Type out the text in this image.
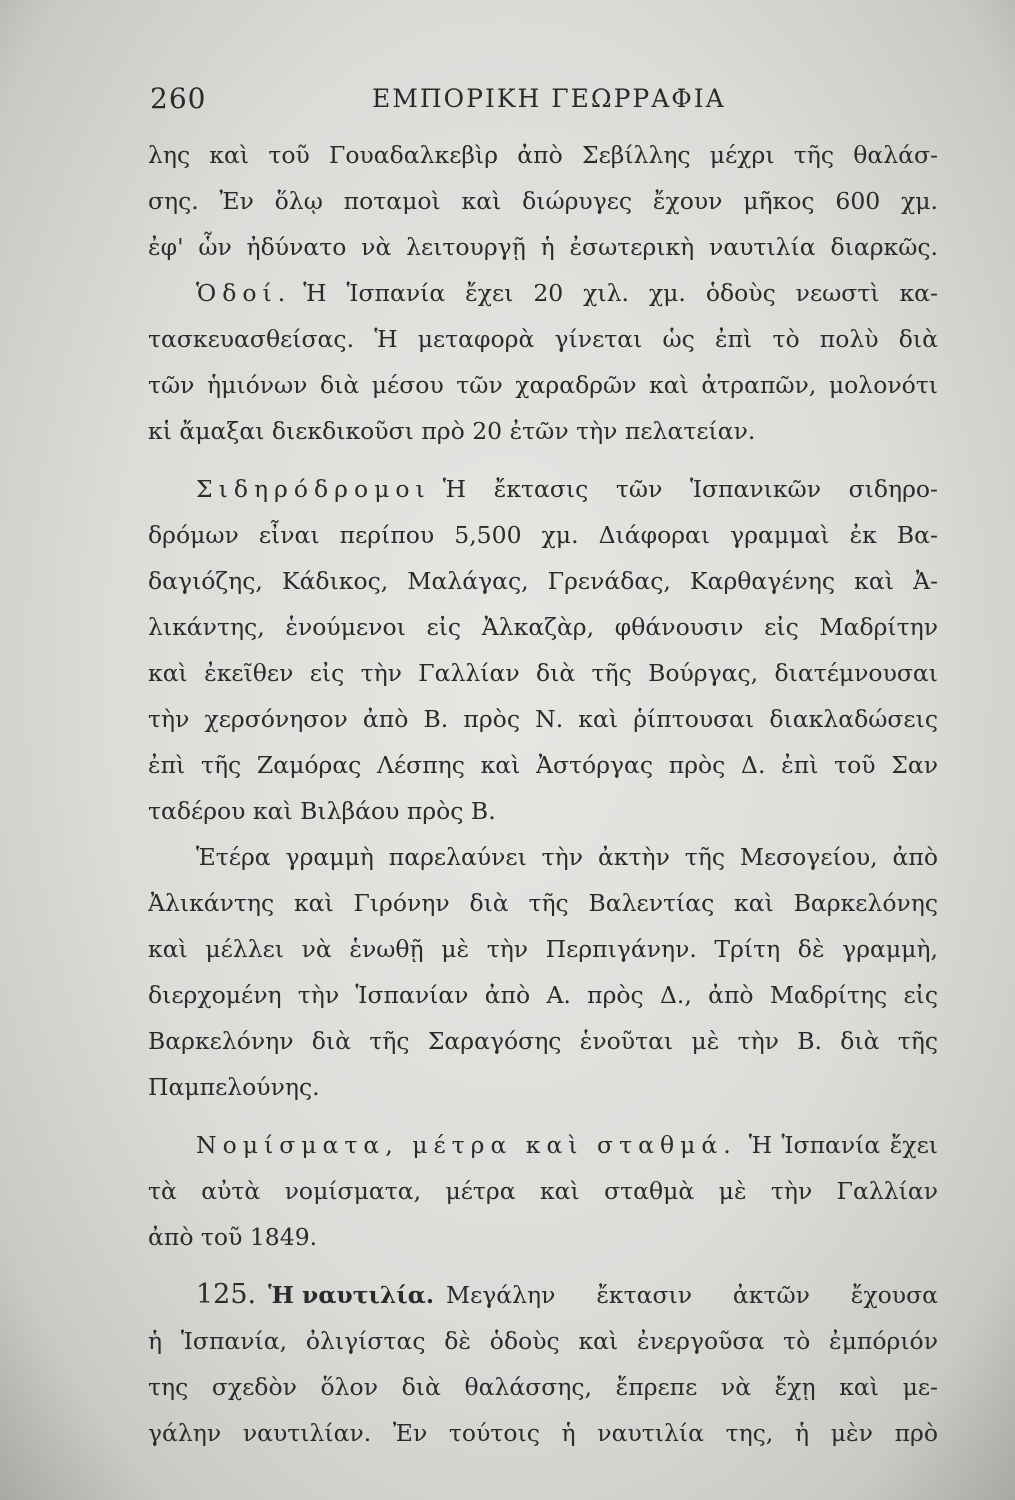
260	ΕΜΠΟΡΙΚΗ ΓΕΩΡΡΑΦΙΑ
λης καὶ τοῦ Γουαδαλκεβὶρ ἀπὸ Σεβίλλης μέχρι τῆς θαλάσ-
σης. Ἐν ὅλῳ ποταμοὶ καὶ διώρυγες ἔχουν μῆκος 600 χμ.
ἐφ' ὧν ἠδύνατο νὰ λειτουργῇ ἡ ἐσωτερικὴ ναυτιλία διαρκῶς.
Ὁδοί. Ἡ Ἱσπανία ἔχει 20 χιλ. χμ. ὁδοὺς νεωστὶ κα-
τασκευασθείσας. Ἡ μεταφορὰ γίνεται ὡς ἐπὶ τὸ πολὺ διὰ
τῶν ἡμιόνων διὰ μέσου τῶν χαραδρῶν καὶ ἀτραπῶν, μολονότι
κἱ ἄμαξαι διεκδικοῦσι πρὸ 20 ἐτῶν τὴν πελατείαν.
Σιδηρόδρομοι Ἡ ἔκτασις τῶν Ἱσπανικῶν σιδηρο-
δρόμων εἶναι περίπου 5,500 χμ. Διάφοραι γραμμαὶ ἐκ Βα-
δαγιόζης, Κάδικος, Μαλάγας, Γρενάδας, Καρθαγένης καὶ Ἀ-
λικάντης, ἑνούμενοι εἰς Ἀλκαζὰρ, φθάνουσιν εἰς Μαδρίτην
καὶ ἐκεῖθεν εἰς τὴν Γαλλίαν διὰ τῆς Βούργας, διατέμνουσαι
τὴν χερσόνησον ἀπὸ Β. πρὸς Ν. καὶ ῥίπτουσαι διακλαδώσεις
ἐπὶ τῆς Ζαμόρας Λέσπης καὶ Ἀστόργας πρὸς Δ. ἐπὶ τοῦ Σαν
ταδέρου καὶ Βιλβάου πρὸς Β.
Ἑτέρα γραμμὴ παρελαύνει τὴν ἀκτὴν τῆς Μεσογείου, ἀπὸ
Ἀλικάντης καὶ Γιρόνην διὰ τῆς Βαλεντίας καὶ Βαρκελόνης
καὶ μέλλει νὰ ἑνωθῇ μὲ τὴν Περπιγάνην. Τρίτη δὲ γραμμὴ,
διερχομένη τὴν Ἱσπανίαν ἀπὸ Α. πρὸς Δ., ἀπὸ Μαδρίτης εἰς
Βαρκελόνην διὰ τῆς Σαραγόσης ἑνοῦται μὲ τὴν Β. διὰ τῆς
Παμπελούνης.
Νομίσματα, μέτρα καὶ σταθμά. Ἡ Ἱσπανία ἔχει
τὰ αὐτὰ νομίσματα, μέτρα καὶ σταθμὰ μὲ τὴν Γαλλίαν
ἀπὸ τοῦ 1849.
125. Ἡ ναυτιλία. Μεγάλην ἔκτασιν ἀκτῶν ἔχουσα
ἡ Ἱσπανία, ὀλιγίστας δὲ ὁδοὺς καὶ ἐνεργοῦσα τὸ ἐμπόριόν
της σχεδὸν ὅλον διὰ θαλάσσης, ἔπρεπε νὰ ἔχῃ καὶ με-
γάλην ναυτιλίαν. Ἐν τούτοις ἡ ναυτιλία της, ἡ μὲν πρὸ
